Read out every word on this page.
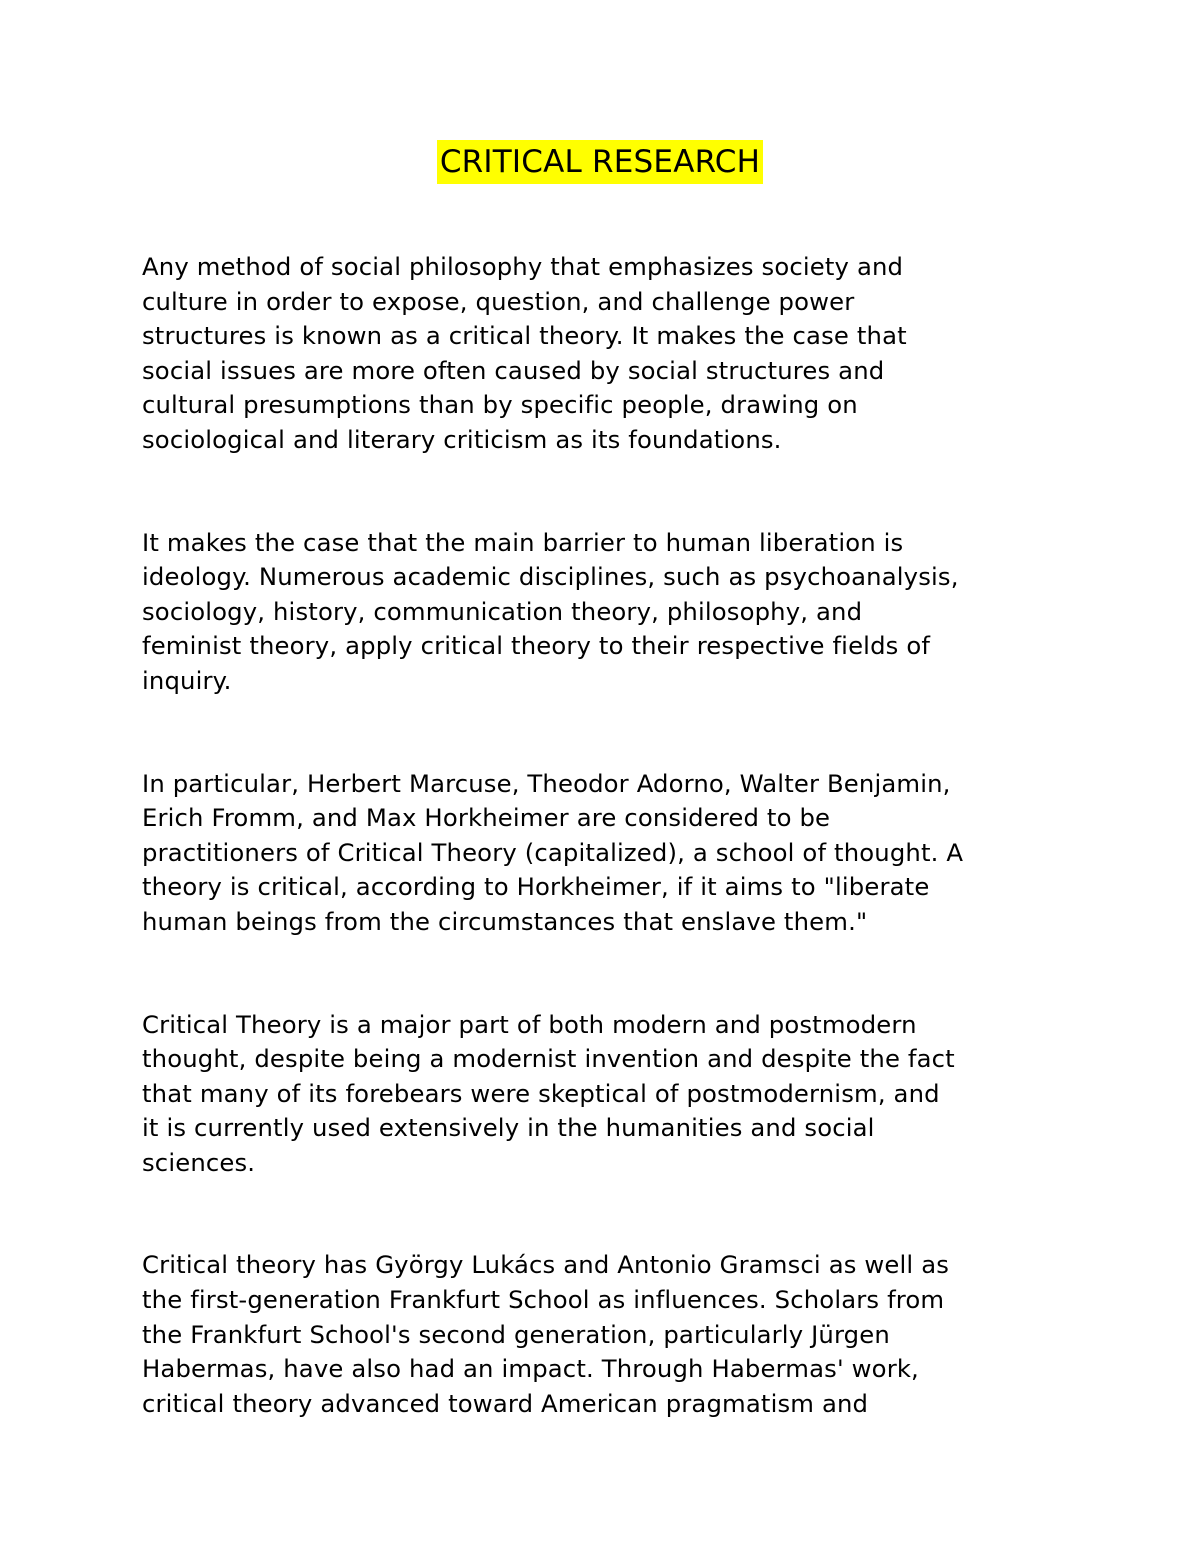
CRITICAL RESEARCH

Any method of social philosophy that emphasizes society and
culture in order to expose, question, and challenge power
structures is known as a critical theory. It makes the case that
social issues are more often caused by social structures and
cultural presumptions than by specific people, drawing on
sociological and literary criticism as its foundations.

It makes the case that the main barrier to human liberation is
ideology. Numerous academic disciplines, such as psychoanalysis,
sociology, history, communication theory, philosophy, and
feminist theory, apply critical theory to their respective fields of
inquiry.

In particular, Herbert Marcuse, Theodor Adorno, Walter Benjamin,
Erich Fromm, and Max Horkheimer are considered to be
practitioners of Critical Theory (capitalized), a school of thought. A
theory is critical, according to Horkheimer, if it aims to "liberate
human beings from the circumstances that enslave them."

Critical Theory is a major part of both modern and postmodern
thought, despite being a modernist invention and despite the fact
that many of its forebears were skeptical of postmodernism, and
it is currently used extensively in the humanities and social
sciences.

Critical theory has György Lukács and Antonio Gramsci as well as
the first-generation Frankfurt School as influences. Scholars from
the Frankfurt School's second generation, particularly Jürgen
Habermas, have also had an impact. Through Habermas' work,
critical theory advanced toward American pragmatism and
